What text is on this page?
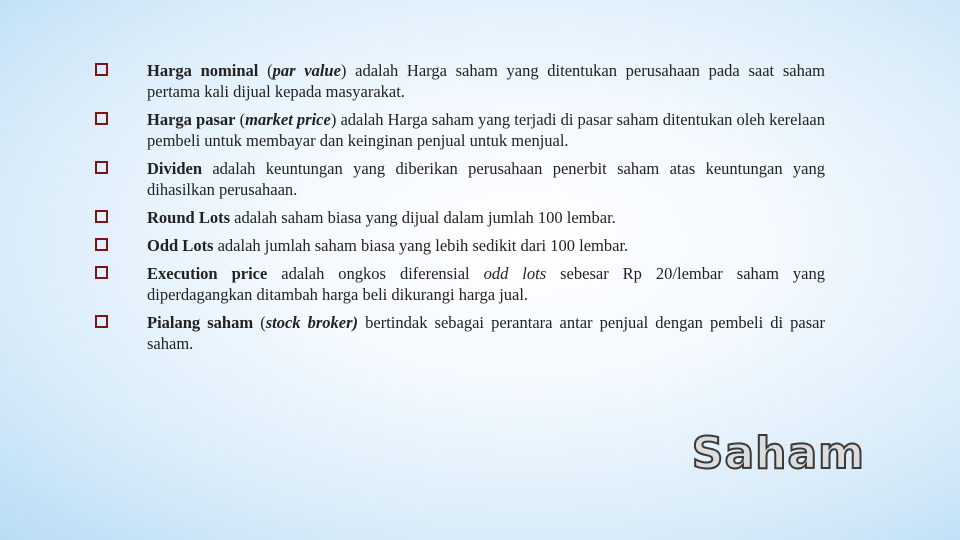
Harga nominal (par value) adalah Harga saham yang ditentukan perusahaan pada saat saham pertama kali dijual kepada masyarakat.
Harga pasar (market price) adalah Harga saham yang terjadi di pasar saham ditentukan oleh kerelaan pembeli untuk membayar dan keinginan penjual untuk menjual.
Dividen adalah keuntungan yang diberikan perusahaan penerbit saham atas keuntungan yang dihasilkan perusahaan.
Round Lots adalah saham biasa yang dijual dalam jumlah 100 lembar.
Odd Lots adalah jumlah saham biasa yang lebih sedikit dari 100 lembar.
Execution price adalah ongkos diferensial odd lots sebesar Rp 20/lembar saham yang diperdagangkan ditambah harga beli dikurangi harga jual.
Pialang saham (stock broker) bertindak sebagai perantara antar penjual dengan pembeli di pasar saham.
Saham
